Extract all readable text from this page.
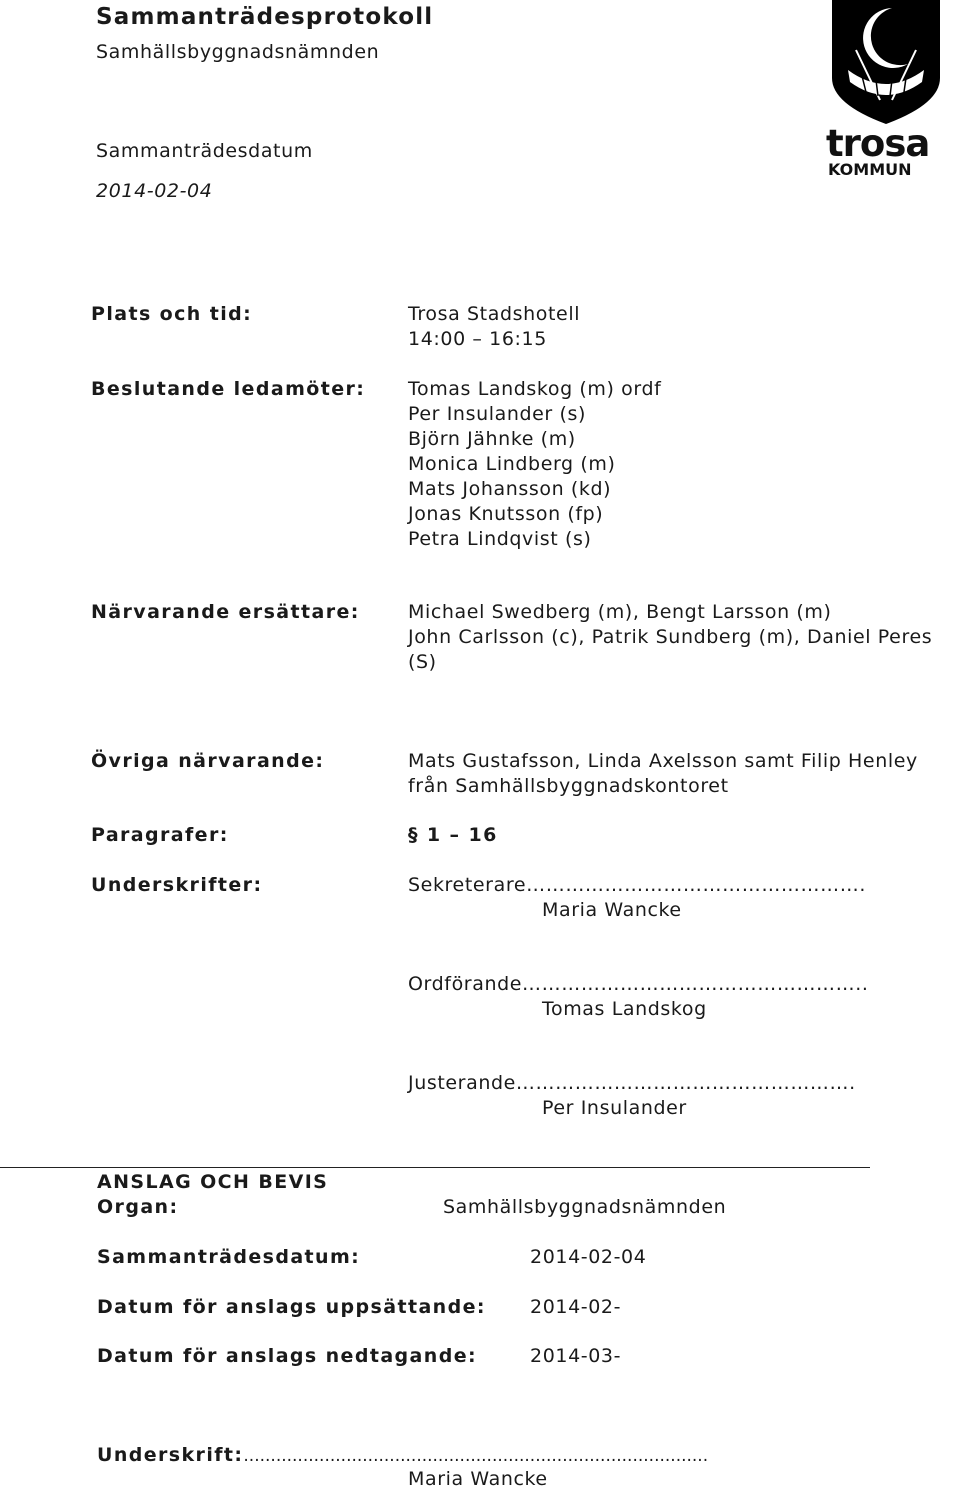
Sammanträdesprotokoll
Samhällsbyggnadsnämnden
Sammanträdesdatum
2014-02-04
trosa
KOMMUN
Plats och tid:	Trosa Stadshotell
14:00 – 16:15
Beslutande ledamöter: Tomas Landskog (m) ordf
Per Insulander (s)
Björn Jähnke (m)
Monica Lindberg (m)
Mats Johansson (kd)
Jonas Knutsson (fp)
Petra Lindqvist (s)
Närvarande ersättare:	Michael Swedberg (m), Bengt Larsson (m)
John Carlsson (c), Patrik Sundberg (m), Daniel Peres
(S)
Övriga närvarande:	Mats Gustafsson, Linda Axelsson samt Filip Henley
från Samhällsbyggnadskontoret
Paragrafer:	§ 1 – 16
Underskrifter:	Sekreterare…………………………………………….
Maria Wancke
Ordförande……………………………………………..
Tomas Landskog
Justerande…………………………………………….
Per Insulander
ANSLAG OCH BEVIS
Organ:	Samhällsbyggnadsnämnden
Sammanträdesdatum:	2014-02-04
Datum för anslags uppsättande: 2014-02-
Datum för anslags nedtagande:	2014-03-
Underskrift:......................................................................................
Maria Wancke
